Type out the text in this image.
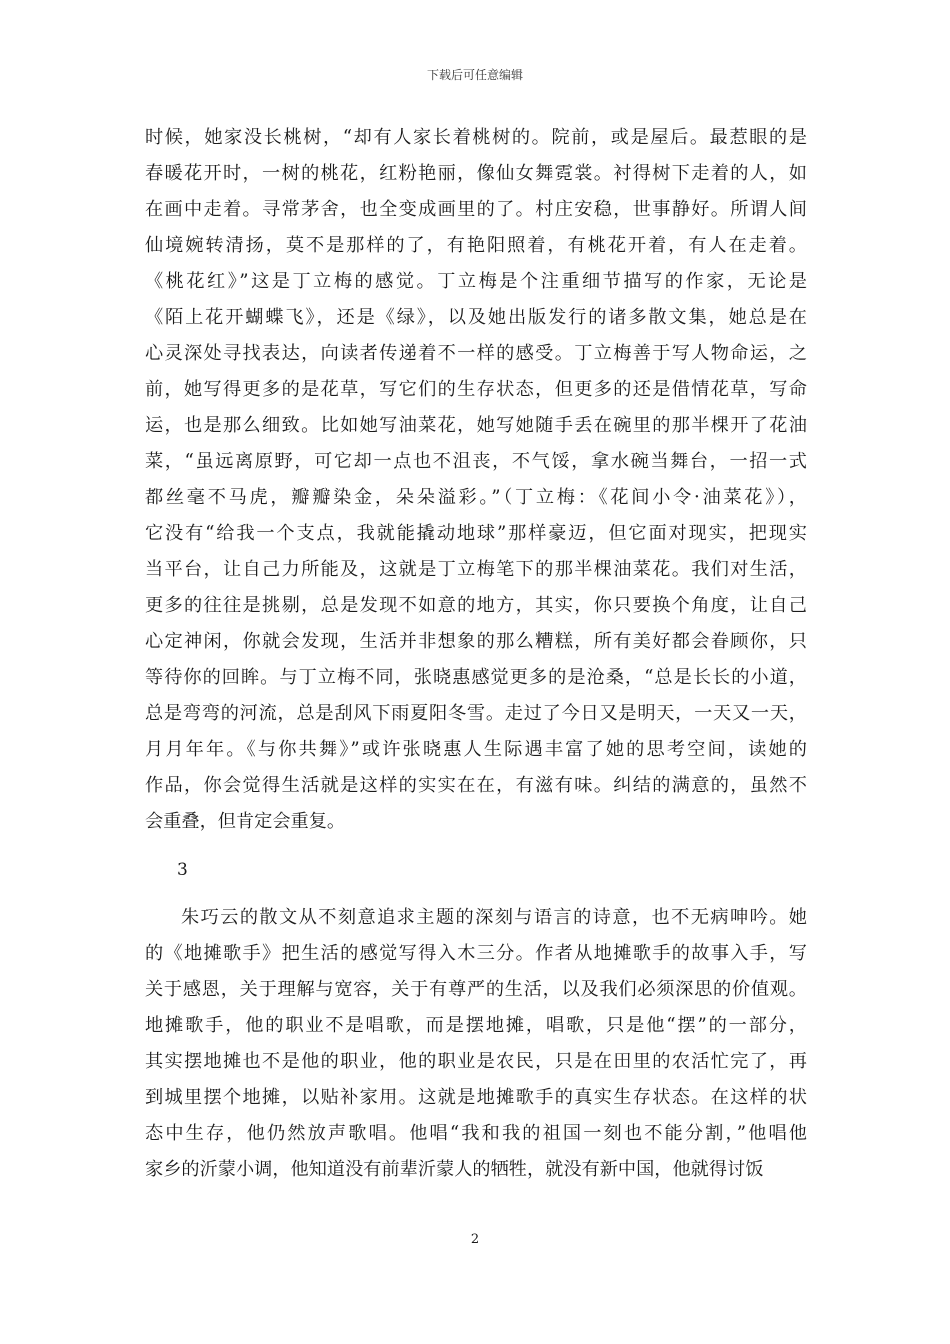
下载后可任意编辑
时候，她家没长桃树，“却有人家长着桃树的。院前，或是屋后。最惹眼的是
春暖花开时，一树的桃花，红粉艳丽，像仙女舞霓裳。衬得树下走着的人，如
在画中走着。寻常茅舍，也全变成画里的了。村庄安稳，世事静好。所谓人间
仙境婉转清扬，莫不是那样的了，有艳阳照着，有桃花开着，有人在走着。
《桃花红》”这是丁立梅的感觉。丁立梅是个注重细节描写的作家，无论是
《陌上花开蝴蝶飞》，还是《绿》，以及她出版发行的诸多散文集，她总是在
心灵深处寻找表达，向读者传递着不一样的感受。丁立梅善于写人物命运，之
前，她写得更多的是花草，写它们的生存状态，但更多的还是借情花草，写命
运，也是那么细致。比如她写油菜花，她写她随手丢在碗里的那半棵开了花油
菜，“虽远离原野，可它却一点也不沮丧，不气馁，拿水碗当舞台，一招一式
都丝毫不马虎，瓣瓣染金，朵朵溢彩。”（丁立梅：《花间小令·油菜花》），
它没有“给我一个支点，我就能撬动地球”那样豪迈，但它面对现实，把现实
当平台，让自己力所能及，这就是丁立梅笔下的那半棵油菜花。我们对生活，
更多的往往是挑剔，总是发现不如意的地方，其实，你只要换个角度，让自己
心定神闲，你就会发现，生活并非想象的那么糟糕，所有美好都会眷顾你，只
等待你的回眸。与丁立梅不同，张晓惠感觉更多的是沧桑，“总是长长的小道，
总是弯弯的河流，总是刮风下雨夏阳冬雪。走过了今日又是明天，一天又一天，
月月年年。《与你共舞》”或许张晓惠人生际遇丰富了她的思考空间，读她的
作品，你会觉得生活就是这样的实实在在，有滋有味。纠结的满意的，虽然不
会重叠，但肯定会重复。
3
朱巧云的散文从不刻意追求主题的深刻与语言的诗意，也不无病呻吟。她
的《地摊歌手》把生活的感觉写得入木三分。作者从地摊歌手的故事入手，写
关于感恩，关于理解与宽容，关于有尊严的生活，以及我们必须深思的价值观。
地摊歌手，他的职业不是唱歌，而是摆地摊，唱歌，只是他“摆”的一部分，
其实摆地摊也不是他的职业，他的职业是农民，只是在田里的农活忙完了，再
到城里摆个地摊，以贴补家用。这就是地摊歌手的真实生存状态。在这样的状
态中生存，他仍然放声歌唱。他唱“我和我的祖国一刻也不能分割，”他唱他
家乡的沂蒙小调，他知道没有前辈沂蒙人的牺牲，就没有新中国，他就得讨饭
2
